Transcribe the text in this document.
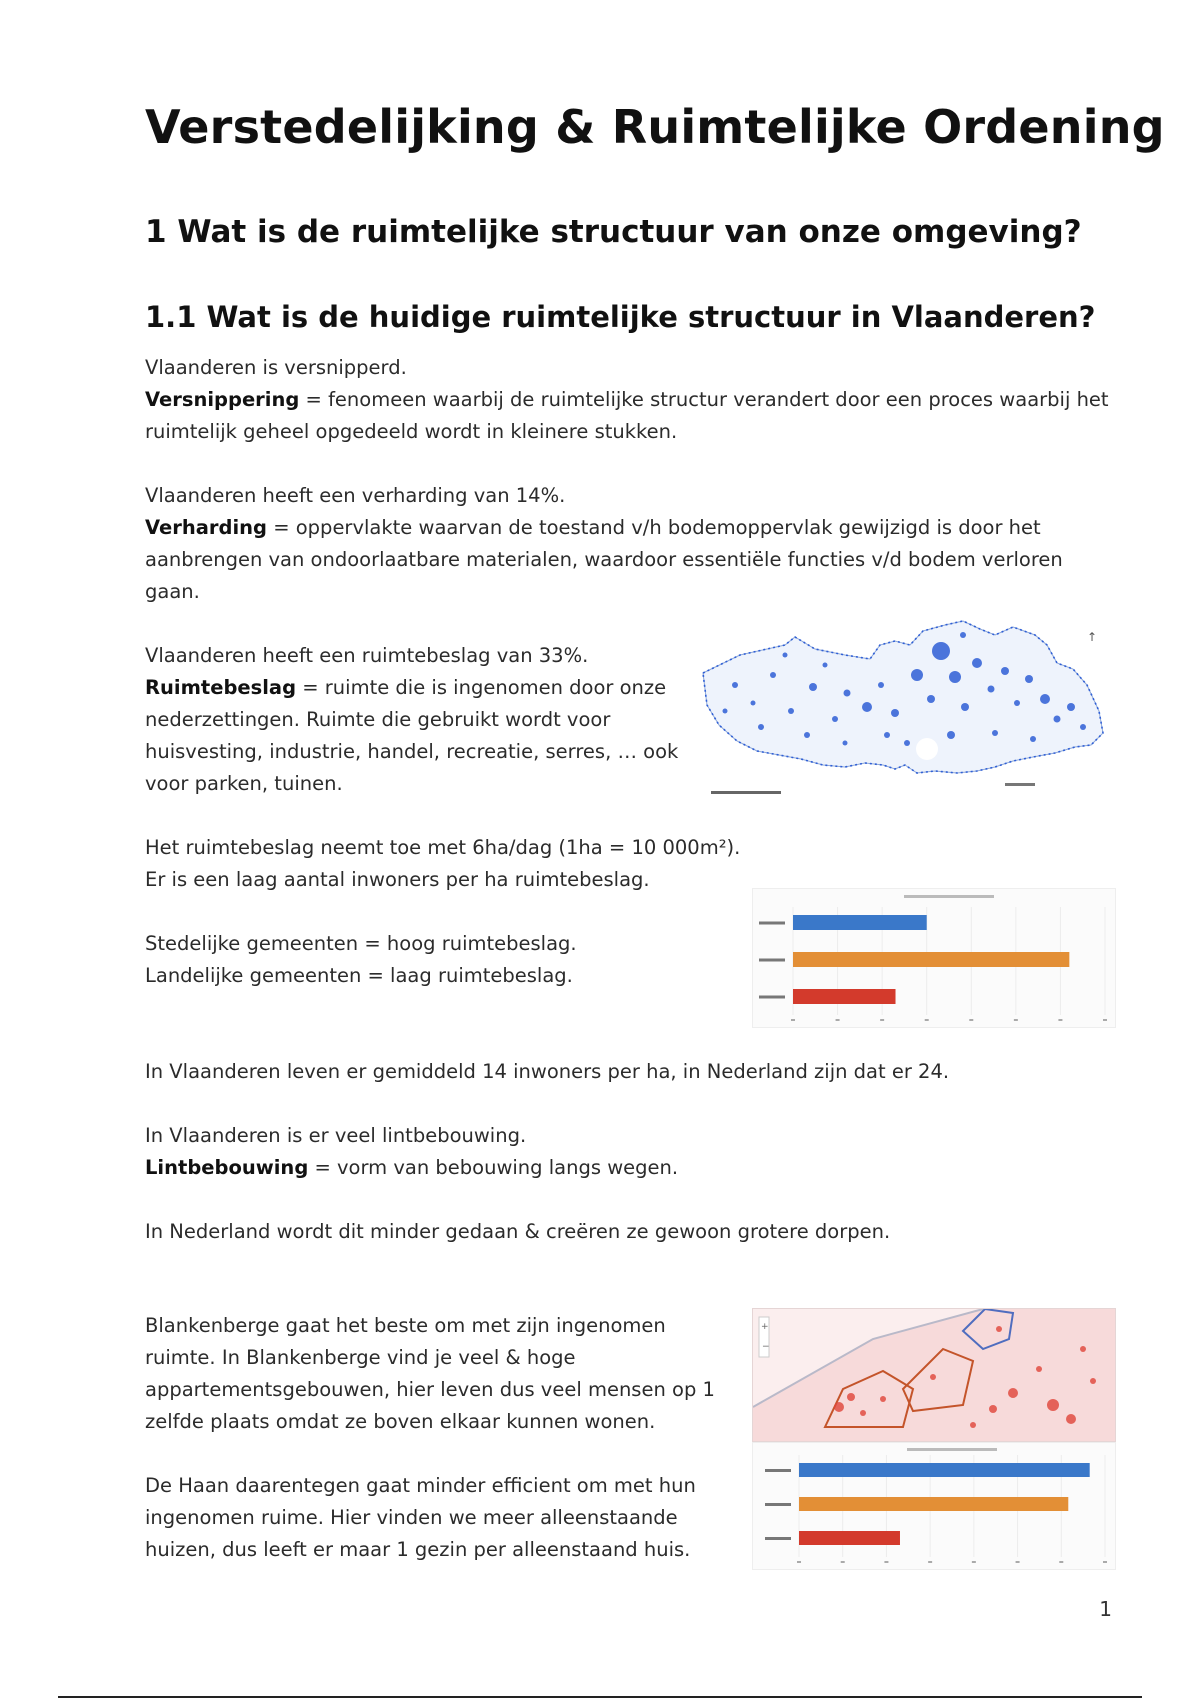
Verstedelijking & Ruimtelijke Ordening
1 Wat is de ruimtelijke structuur van onze omgeving?
1.1 Wat is de huidige ruimtelijke structuur in Vlaanderen?

Vlaanderen is versnipperd.

Versnippering = fenomeen waarbij de ruimtelijke structur verandert door een proces waarbij het ruimtelijk geheel opgedeeld wordt in kleinere stukken.

Vlaanderen heeft een verharding van 14%.

Verharding = oppervlakte waarvan de toestand v/h bodemoppervlak gewijzigd is door het aanbrengen van ondoorlaatbare materialen, waardoor essentiële functies v/d bodem verloren gaan.

Vlaanderen heeft een ruimtebeslag van 33%.

Ruimtebeslag = ruimte die is ingenomen door onze nederzettingen. Ruimte die gebruikt wordt voor huisvesting, industrie, handel, recreatie, serres, … ook voor parken, tuinen.

↑

Het ruimtebeslag neemt toe met 6ha/dag (1ha = 10 000m²).

Er is een laag aantal inwoners per ha ruimtebeslag.

Stedelijke gemeenten = hoog ruimtebeslag.

Landelijke gemeenten = laag ruimtebeslag.

In Vlaanderen leven er gemiddeld 14 inwoners per ha, in Nederland zijn dat er 24.

In Vlaanderen is er veel lintbebouwing.

Lintbebouwing = vorm van bebouwing langs wegen.

In Nederland wordt dit minder gedaan & creëren ze gewoon grotere dorpen.

Blankenberge gaat het beste om met zijn ingenomen ruimte. In Blankenberge vind je veel & hoge appartementsgebouwen, hier leven dus veel mensen op 1 zelfde plaats omdat ze boven elkaar kunnen wonen.

De Haan daarentegen gaat minder efficient om met hun ingenomen ruime. Hier vinden we meer alleenstaande huizen, dus leeft er maar 1 gezin per alleenstaand huis.

+
−
1
